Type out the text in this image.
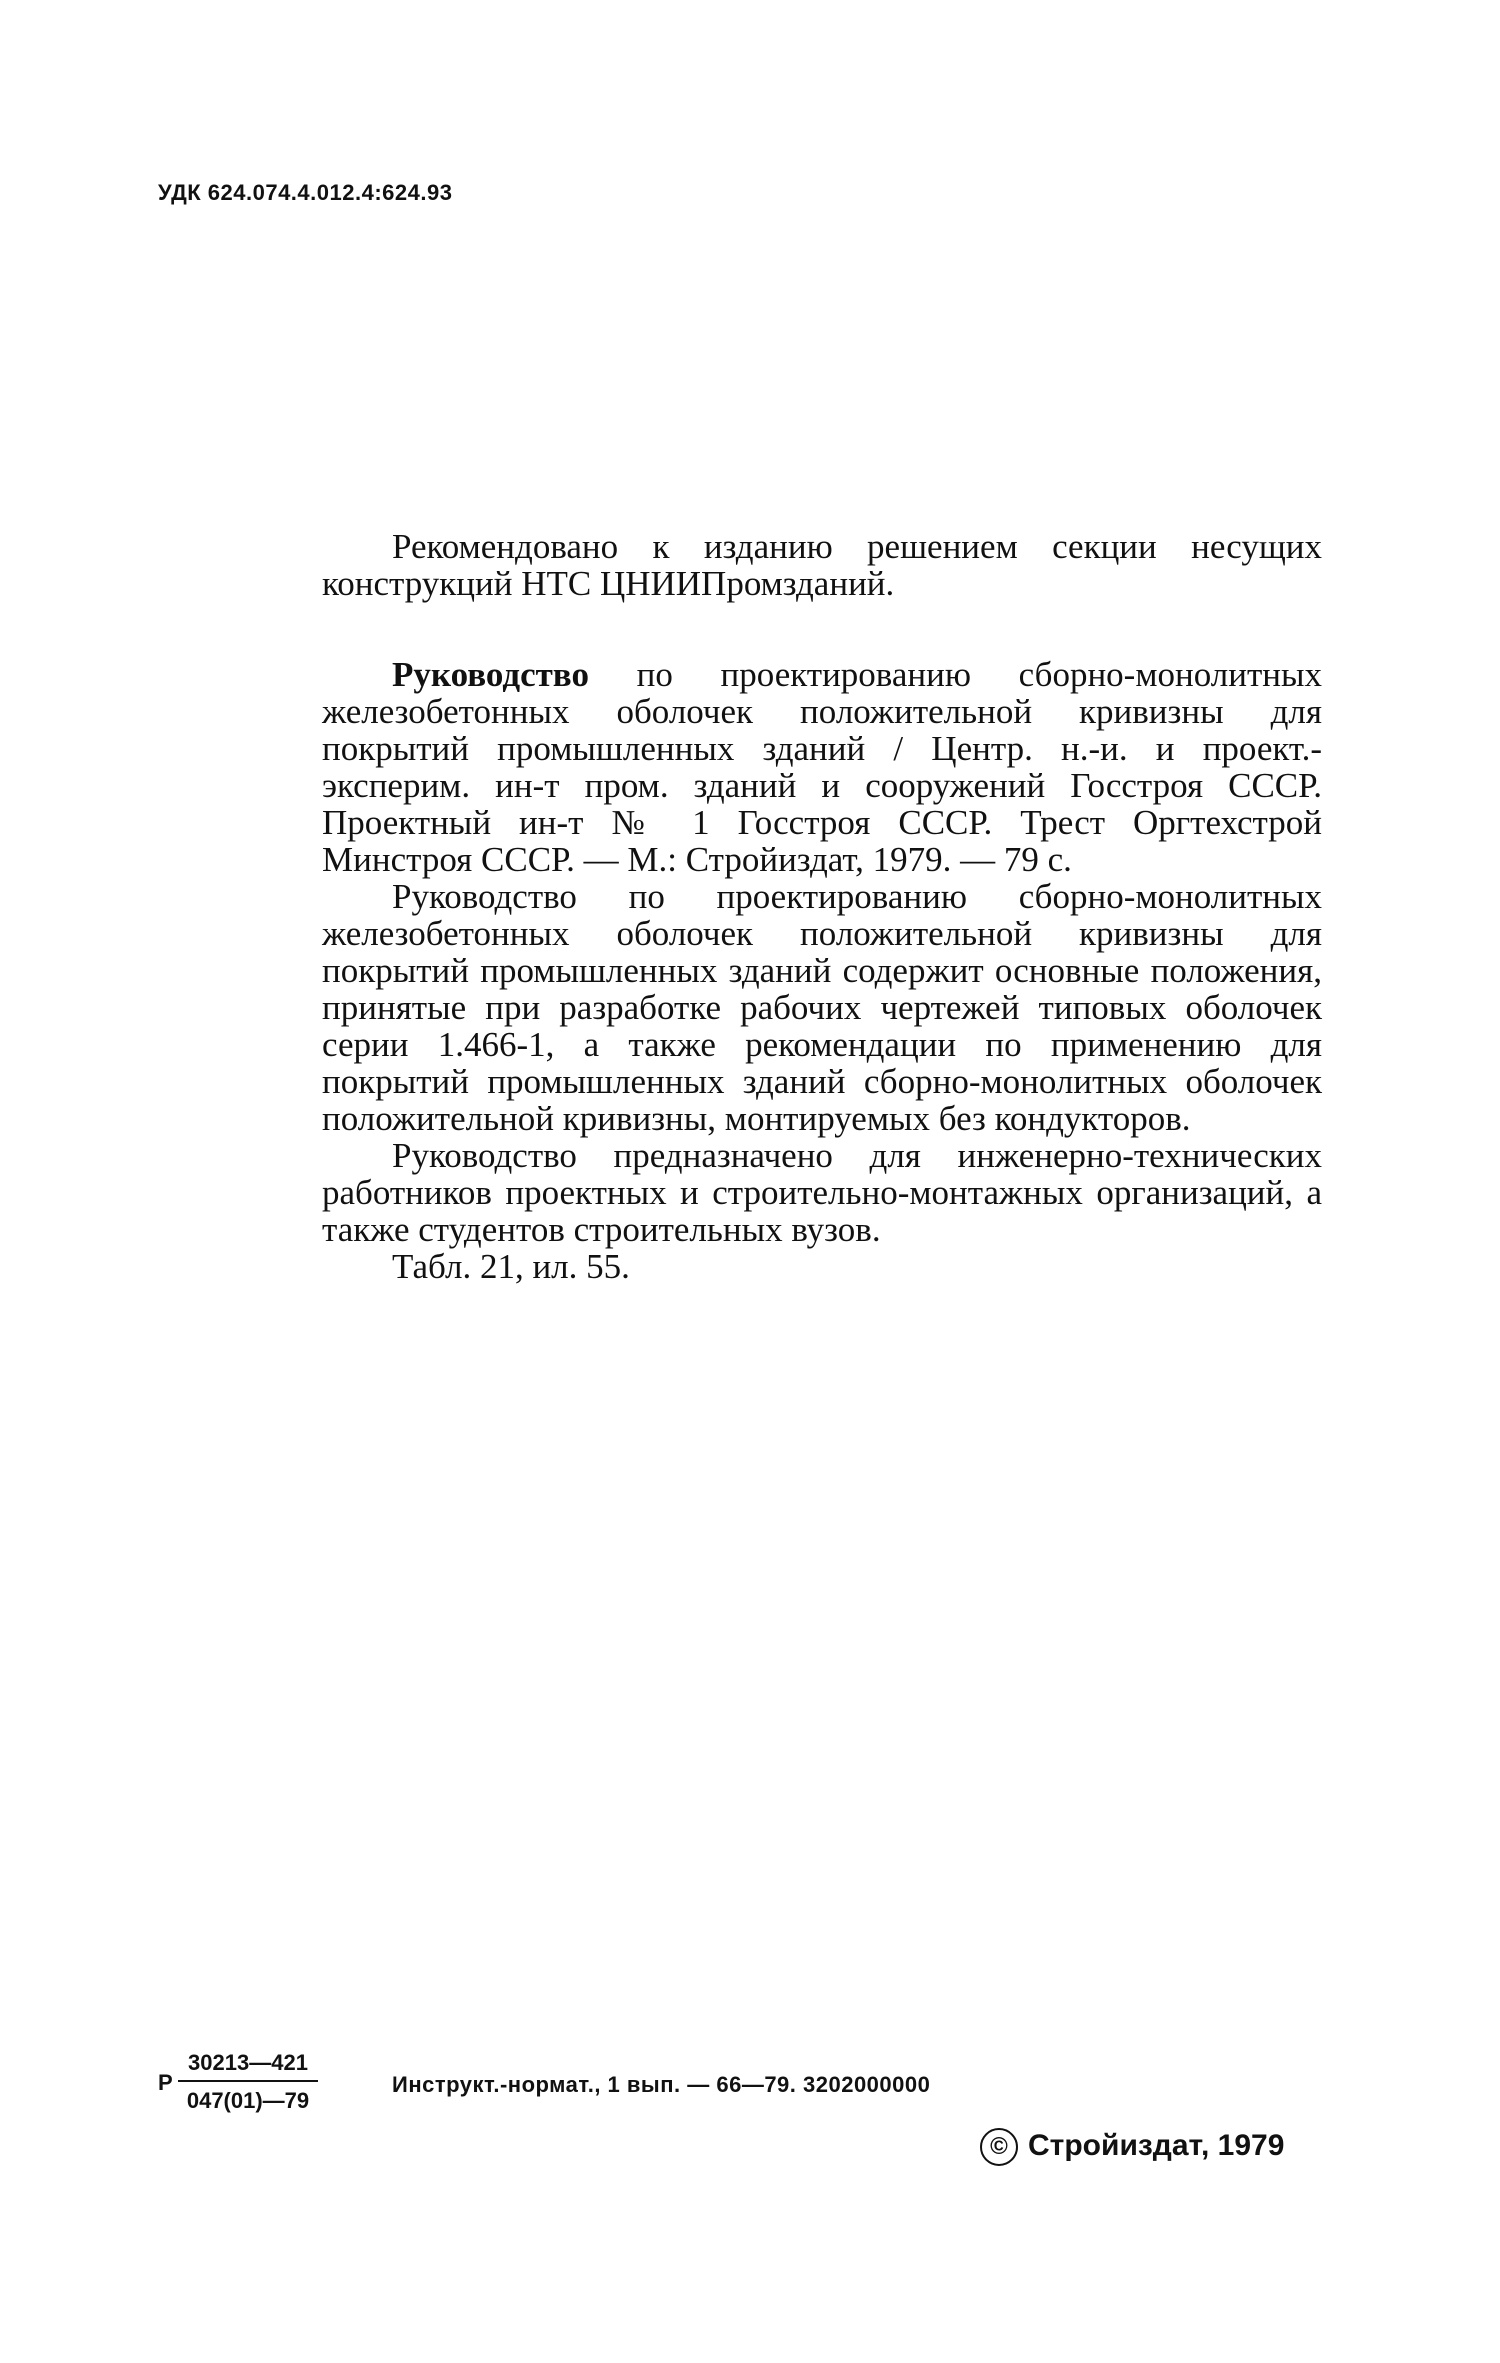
УДК 624.074.4.012.4:624.93

Рекомендовано к изданию решением секции несущих конструкций НТС ЦНИИПромзданий.

Руководство по проектированию сборно-монолитных железобетонных оболочек положительной кривизны для покрытий промышленных зданий / Центр. н.-и. и проект.-эксперим. ин-т пром. зданий и сооружений Госстроя СССР. Проектный ин-т № 1 Госстроя СССР. Трест Оргтехстрой Минстроя СССР. — М.: Стройиздат, 1979. — 79 с.

Руководство по проектированию сборно-монолитных железобетонных оболочек положительной кривизны для покрытий промышленных зданий содержит основные положения, принятые при разработке рабочих чертежей типовых оболочек серии 1.466-1, а также рекомендации по применению для покрытий промышленных зданий сборно-монолитных оболочек положительной кривизны, монтируемых без кондукторов.

Руководство предназначено для инженерно-технических работников проектных и строительно-монтажных организаций, а также студентов строительных вузов.

Табл. 21, ил. 55.

Р
30213—421
047(01)—79
Инструкт.-нормат., 1 вып. — 66—79. 3202000000
© Стройиздат, 1979
